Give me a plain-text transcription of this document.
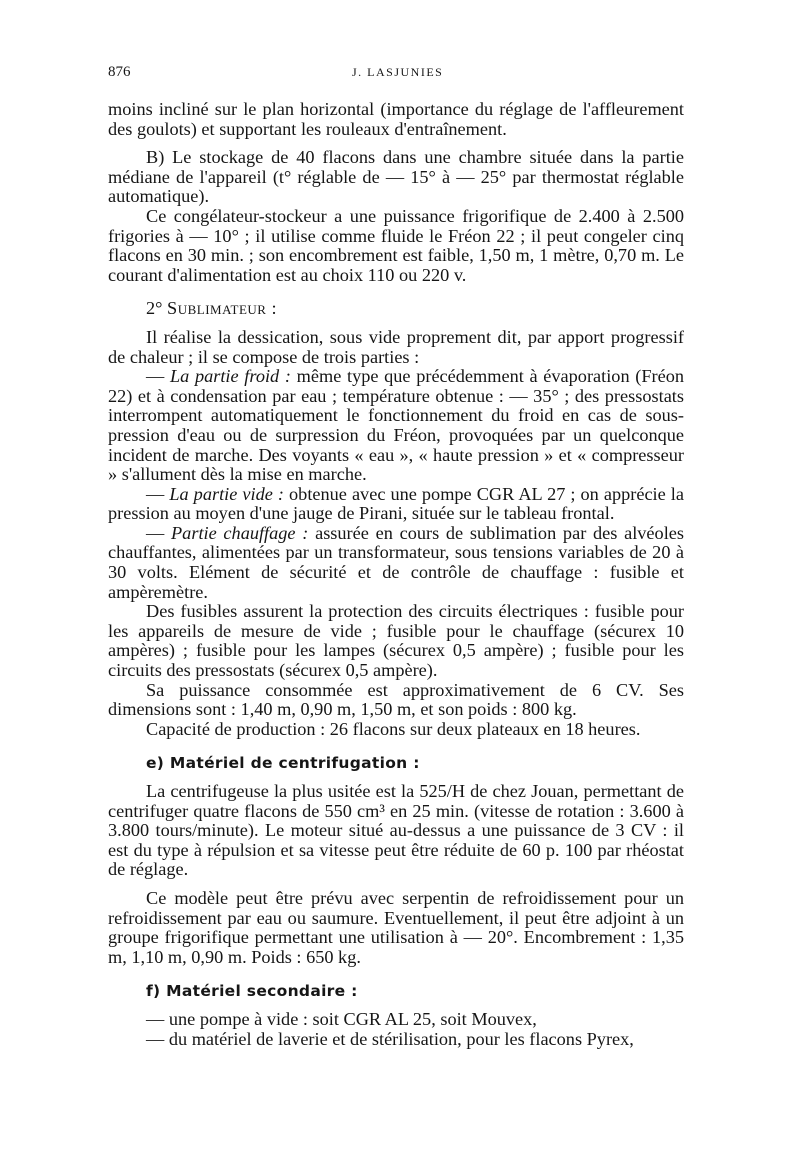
876	J. LASJUNIES

moins incliné sur le plan horizontal (importance du réglage de l'affleurement des goulots) et supportant les rouleaux d'entraînement.

B) Le stockage de 40 flacons dans une chambre située dans la partie médiane de l'appareil (t° réglable de — 15° à — 25° par thermostat réglable automatique).

Ce congélateur-stockeur a une puissance frigorifique de 2.400 à 2.500 frigories à — 10° ; il utilise comme fluide le Fréon 22 ; il peut congeler cinq flacons en 30 min. ; son encombrement est faible, 1,50 m, 1 mètre, 0,70 m. Le courant d'alimentation est au choix 110 ou 220 v.

2° Sublimateur :

Il réalise la dessication, sous vide proprement dit, par apport progressif de chaleur ; il se compose de trois parties :

— La partie froid : même type que précédemment à évaporation (Fréon 22) et à condensation par eau ; température obtenue : — 35° ; des pressostats interrompent automatiquement le fonctionnement du froid en cas de sous-pression d'eau ou de surpression du Fréon, provoquées par un quelconque incident de marche. Des voyants « eau », « haute pression » et « compresseur » s'allument dès la mise en marche.

— La partie vide : obtenue avec une pompe CGR AL 27 ; on apprécie la pression au moyen d'une jauge de Pirani, située sur le tableau frontal.

— Partie chauffage : assurée en cours de sublimation par des alvéoles chauffantes, alimentées par un transformateur, sous tensions variables de 20 à 30 volts. Elément de sécurité et de contrôle de chauffage : fusible et ampèremètre.

Des fusibles assurent la protection des circuits électriques : fusible pour les appareils de mesure de vide ; fusible pour le chauffage (sécurex 10 ampères) ; fusible pour les lampes (sécurex 0,5 ampère) ; fusible pour les circuits des pressostats (sécurex 0,5 ampère).

Sa puissance consommée est approximativement de 6 CV. Ses dimensions sont : 1,40 m, 0,90 m, 1,50 m, et son poids : 800 kg.

Capacité de production : 26 flacons sur deux plateaux en 18 heures.

e) Matériel de centrifugation :

La centrifugeuse la plus usitée est la 525/H de chez Jouan, permettant de centrifuger quatre flacons de 550 cm³ en 25 min. (vitesse de rotation : 3.600 à 3.800 tours/minute). Le moteur situé au-dessus a une puissance de 3 CV : il est du type à répulsion et sa vitesse peut être réduite de 60 p. 100 par rhéostat de réglage.

Ce modèle peut être prévu avec serpentin de refroidissement pour un refroidissement par eau ou saumure. Eventuellement, il peut être adjoint à un groupe frigorifique permettant une utilisation à — 20°. Encombrement : 1,35 m, 1,10 m, 0,90 m. Poids : 650 kg.

f) Matériel secondaire :

— une pompe à vide : soit CGR AL 25, soit Mouvex,

— du matériel de laverie et de stérilisation, pour les flacons Pyrex,
